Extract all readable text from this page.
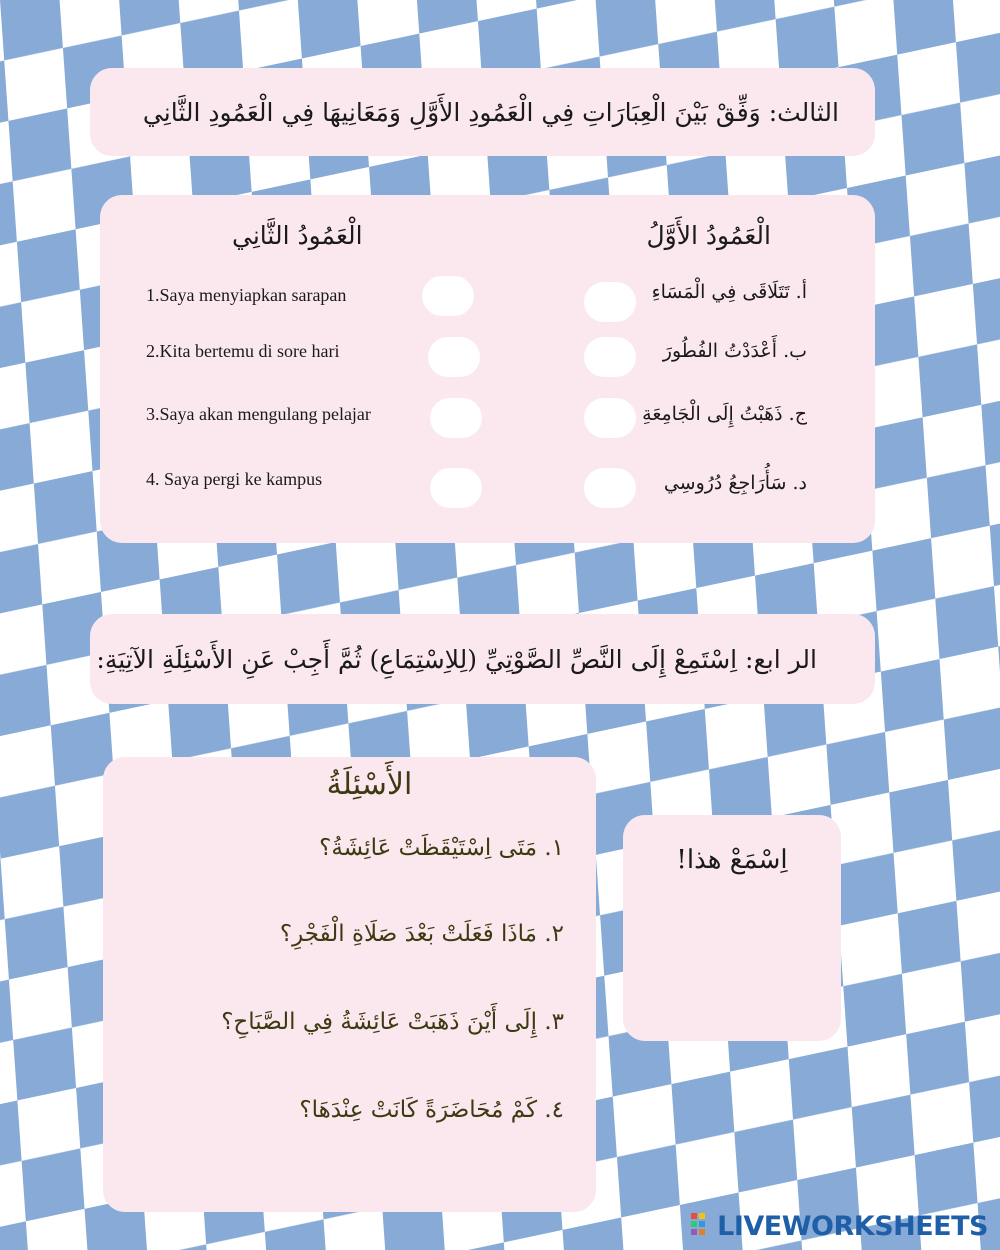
الثالث: وَفِّقْ بَيْنَ الْعِبَارَاتِ فِي الْعَمُودِ الأَوَّلِ وَمَعَانِيهَا فِي الْعَمُودِ الثَّانِي
الْعَمُودُ الثَّانِي	الْعَمُودُ الأَوَّلُ
1.Saya menyiapkan sarapan
2.Kita bertemu di sore hari
3.Saya akan mengulang pelajar
4. Saya pergi ke kampus
أ. تَتَلَاقَى فِي الْمَسَاءِ
ب. أَعْدَدْتُ الفُطُورَ
ج. ذَهَبْتُ إِلَى الْجَامِعَةِ
د. سَأُرَاجِعُ دُرُوسِي
الر ابع: اِسْتَمِعْ إِلَى النَّصِّ الصَّوْتِيِّ (لِلاِسْتِمَاعِ) ثُمَّ أَجِبْ عَنِ الأَسْئِلَةِ الآتِيَةِ:
الأَسْئِلَةُ
١. مَتَى اِسْتَيْقَظَتْ عَائِشَةُ؟
٢. مَاذَا فَعَلَتْ بَعْدَ صَلَاةِ الْفَجْرِ؟
٣. إِلَى أَيْنَ ذَهَبَتْ عَائِشَةُ فِي الصَّبَاحِ؟
٤. كَمْ مُحَاضَرَةً كَانَتْ عِنْدَهَا؟
اِسْمَعْ هذا!
LIVEWORKSHEETS
